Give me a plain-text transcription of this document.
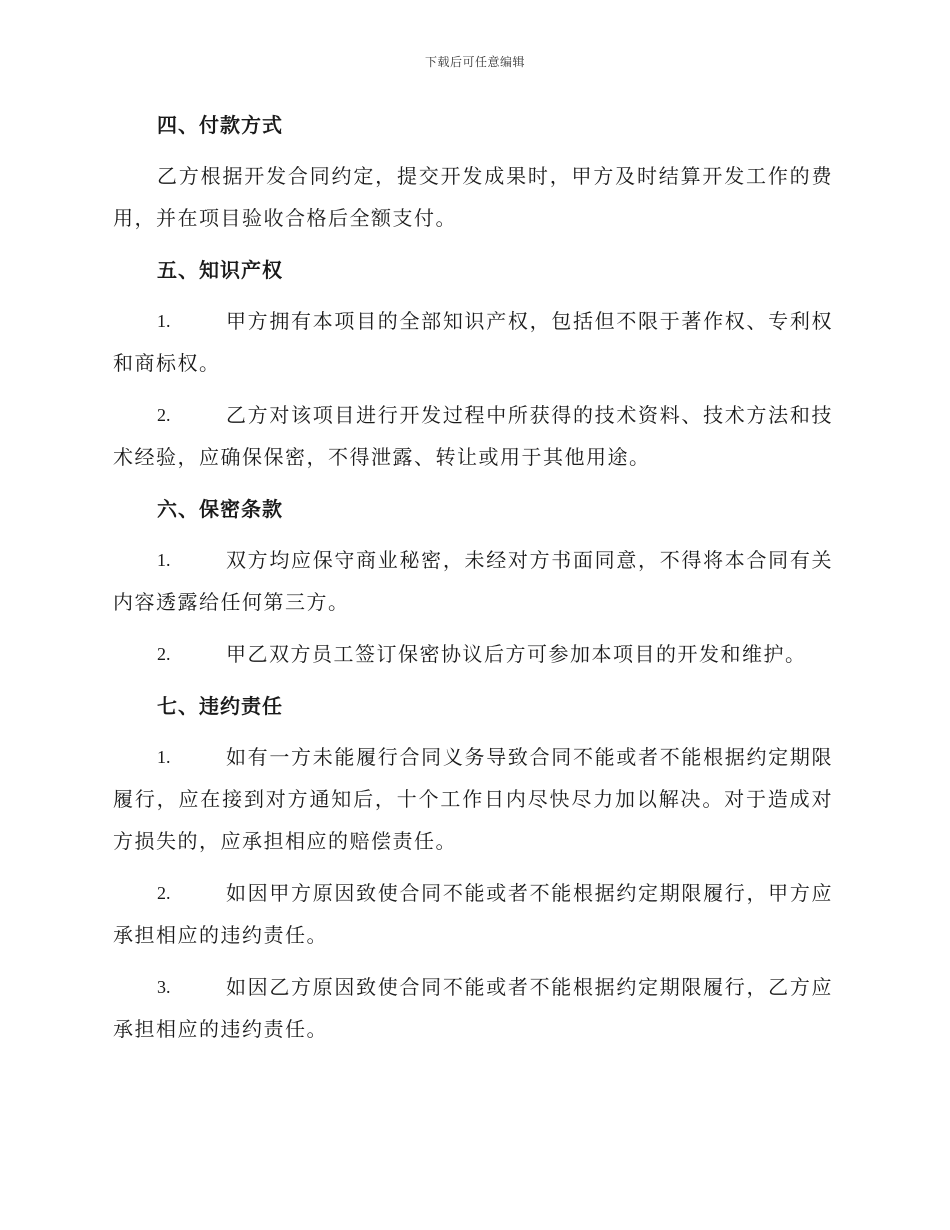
下载后可任意编辑
四、付款方式

乙方根据开发合同约定，提交开发成果时，甲方及时结算开发工作的费用，并在项目验收合格后全额支付。

五、知识产权

1.	甲方拥有本项目的全部知识产权，包括但不限于著作权、专利权和商标权。

2.	乙方对该项目进行开发过程中所获得的技术资料、技术方法和技术经验，应确保保密，不得泄露、转让或用于其他用途。

六、保密条款

1.	双方均应保守商业秘密，未经对方书面同意，不得将本合同有关内容透露给任何第三方。

2.	甲乙双方员工签订保密协议后方可参加本项目的开发和维护。

七、违约责任

1.	如有一方未能履行合同义务导致合同不能或者不能根据约定期限履行，应在接到对方通知后，十个工作日内尽快尽力加以解决。对于造成对方损失的，应承担相应的赔偿责任。

2.	如因甲方原因致使合同不能或者不能根据约定期限履行，甲方应承担相应的违约责任。

3.	如因乙方原因致使合同不能或者不能根据约定期限履行，乙方应承担相应的违约责任。
